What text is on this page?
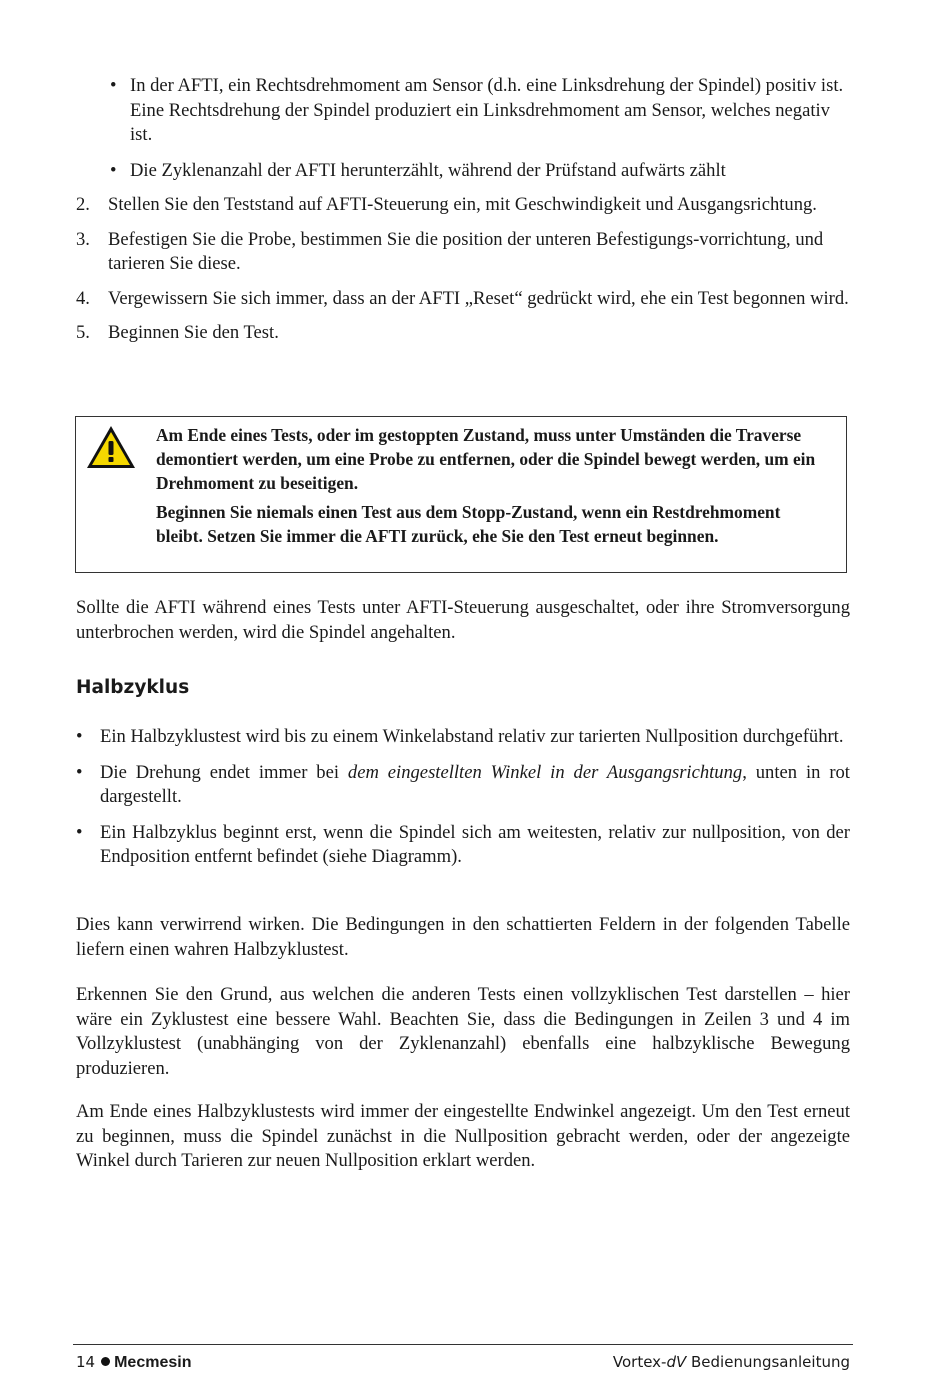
• In der AFTI, ein Rechtsdrehmoment am Sensor (d.h. eine Linksdrehung der Spindel) positiv ist. Eine Rechtsdrehung der Spindel produziert ein Linksdrehmoment am Sensor, welches negativ ist.
• Die Zyklenanzahl der AFTI herunterzählt, während der Prüfstand aufwärts zählt
2. Stellen Sie den Teststand auf AFTI-Steuerung ein, mit Geschwindigkeit und Ausgangsrichtung.
3. Befestigen Sie die Probe, bestimmen Sie die position der unteren Befestigungs-vorrichtung, und tarieren Sie diese.
4. Vergewissern Sie sich immer, dass an der AFTI „Reset“ gedrückt wird, ehe ein Test begonnen wird.
5. Beginnen Sie den Test.

Am Ende eines Tests, oder im gestoppten Zustand, muss unter Umständen die Traverse demontiert werden, um eine Probe zu entfernen, oder die Spindel bewegt werden, um ein Drehmoment zu beseitigen.

Beginnen Sie niemals einen Test aus dem Stopp-Zustand, wenn ein Restdrehmoment bleibt. Setzen Sie immer die AFTI zurück, ehe Sie den Test erneut beginnen.

Sollte die AFTI während eines Tests unter AFTI-Steuerung ausgeschaltet, oder ihre Stromversorgung unterbrochen werden, wird die Spindel angehalten.

Halbzyklus
• Ein Halbzyklustest wird bis zu einem Winkelabstand relativ zur tarierten Nullposition durchgeführt.
• Die Drehung endet immer bei dem eingestellten Winkel in der Ausgangsrichtung, unten in rot dargestellt.
• Ein Halbzyklus beginnt erst, wenn die Spindel sich am weitesten, relativ zur nullposition, von der Endposition entfernt befindet (siehe Diagramm).

Dies kann verwirrend wirken. Die Bedingungen in den schattierten Feldern in der folgenden Tabelle liefern einen wahren Halbzyklustest.

Erkennen Sie den Grund, aus welchen die anderen Tests einen vollzyklischen Test darstellen – hier wäre ein Zyklustest eine bessere Wahl. Beachten Sie, dass die Bedingungen in Zeilen 3 und 4 im Vollzyklustest (unabhänging von der Zyklenanzahl) ebenfalls eine halbzyklische Bewegung produzieren.

Am Ende eines Halbzyklustests wird immer der eingestellte Endwinkel angezeigt. Um den Test erneut zu beginnen, muss die Spindel zunächst in die Nullposition gebracht werden, oder der angezeigte Winkel durch Tarieren zur neuen Nullposition erklart werden.

14 Mecmesin	Vortex-dV Bedienungsanleitung
